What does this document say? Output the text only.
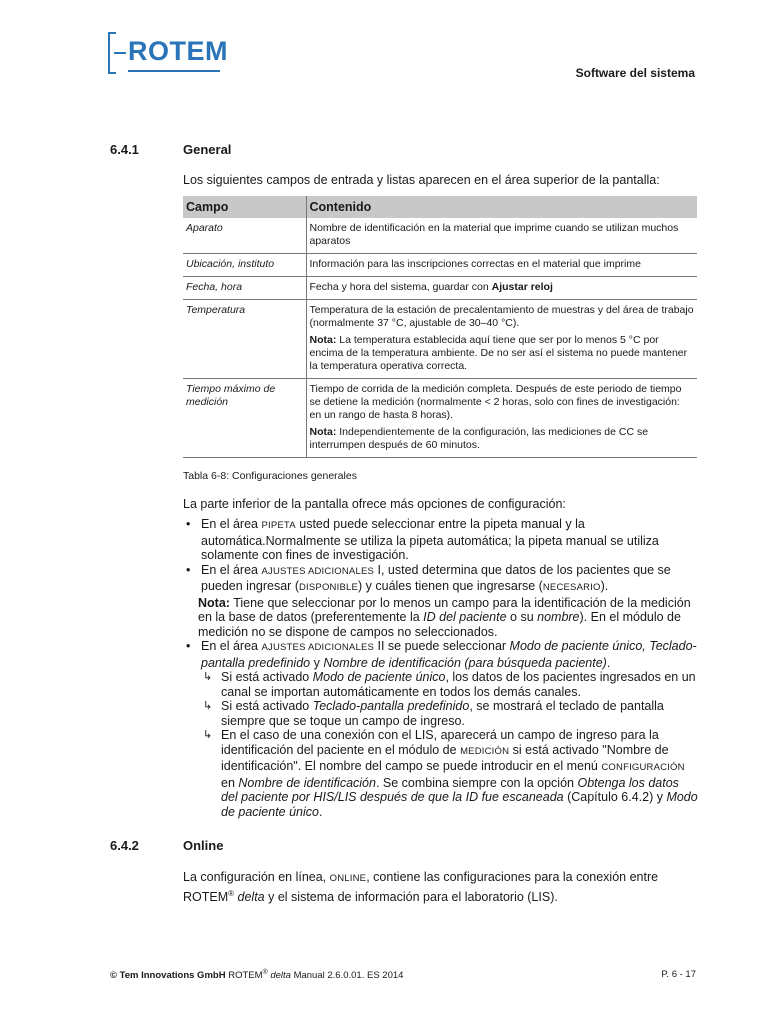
ROTEM
Software del sistema
6.4.1	General
Los siguientes campos de entrada y listas aparecen en el área superior de la pantalla:
Campo	Contenido
Aparato	Nombre de identificación en la material que imprime cuando se utilizan muchos aparatos
Ubicación, instituto	Información para las inscripciones correctas en el material que imprime
Fecha, hora	Fecha y hora del sistema, guardar con Ajustar reloj
Temperatura	Temperatura de la estación de precalentamiento de muestras y del área de trabajo (normalmente 37 °C, ajustable de 30–40 °C).

Nota: La temperatura establecida aquí tiene que ser por lo menos 5 °C por encima de la temperatura ambiente. De no ser así el sistema no puede mantener la temperatura operativa correcta.

Tiempo máximo de medición	Tiempo de corrida de la medición completa. Después de este periodo de tiempo se detiene la medición (normalmente < 2 horas, solo con fines de investigación: en un rango de hasta 8 horas).

Nota: Independientemente de la configuración, las mediciones de CC se interrumpen después de 60 minutos.

Tabla 6-8: Configuraciones generales
La parte inferior de la pantalla ofrece más opciones de configuración:
• En el área PIPETA usted puede seleccionar entre la pipeta manual y la automática.Normalmente se utiliza la pipeta automática; la pipeta manual se utiliza solamente con fines de investigación.
• En el área AJUSTES ADICIONALES I, usted determina que datos de los pacientes que se pueden ingresar (DISPONIBLE) y cuáles tienen que ingresarse (NECESARIO).
Nota: Tiene que seleccionar por lo menos un campo para la identificación de la medición en la base de datos (preferentemente la ID del paciente o su nombre). En el módulo de medición no se dispone de campos no seleccionados.
• En el área AJUSTES ADICIONALES II se puede seleccionar Modo de paciente único, Teclado-pantalla predefinido y Nombre de identificación (para búsqueda paciente).
↳ Si está activado Modo de paciente único, los datos de los pacientes ingresados en un canal se importan automáticamente en todos los demás canales.
↳ Si está activado Teclado-pantalla predefinido, se mostrará el teclado de pantalla siempre que se toque un campo de ingreso.
↳ En el caso de una conexión con el LIS, aparecerá un campo de ingreso para la identificación del paciente en el módulo de MEDICIÓN si está activado "Nombre de identificación". El nombre del campo se puede introducir en el menú CONFIGURACIÓN en Nombre de identificación. Se combina siempre con la opción Obtenga los datos del paciente por HIS/LIS después de que la ID fue escaneada (Capítulo 6.4.2) y Modo de paciente único.
6.4.2	Online
La configuración en línea, ONLINE, contiene las configuraciones para la conexión entre ROTEM® delta y el sistema de información para el laboratorio (LIS).
© Tem Innovations GmbH ROTEM® delta Manual 2.6.0.01. ES 2014	P. 6 - 17
